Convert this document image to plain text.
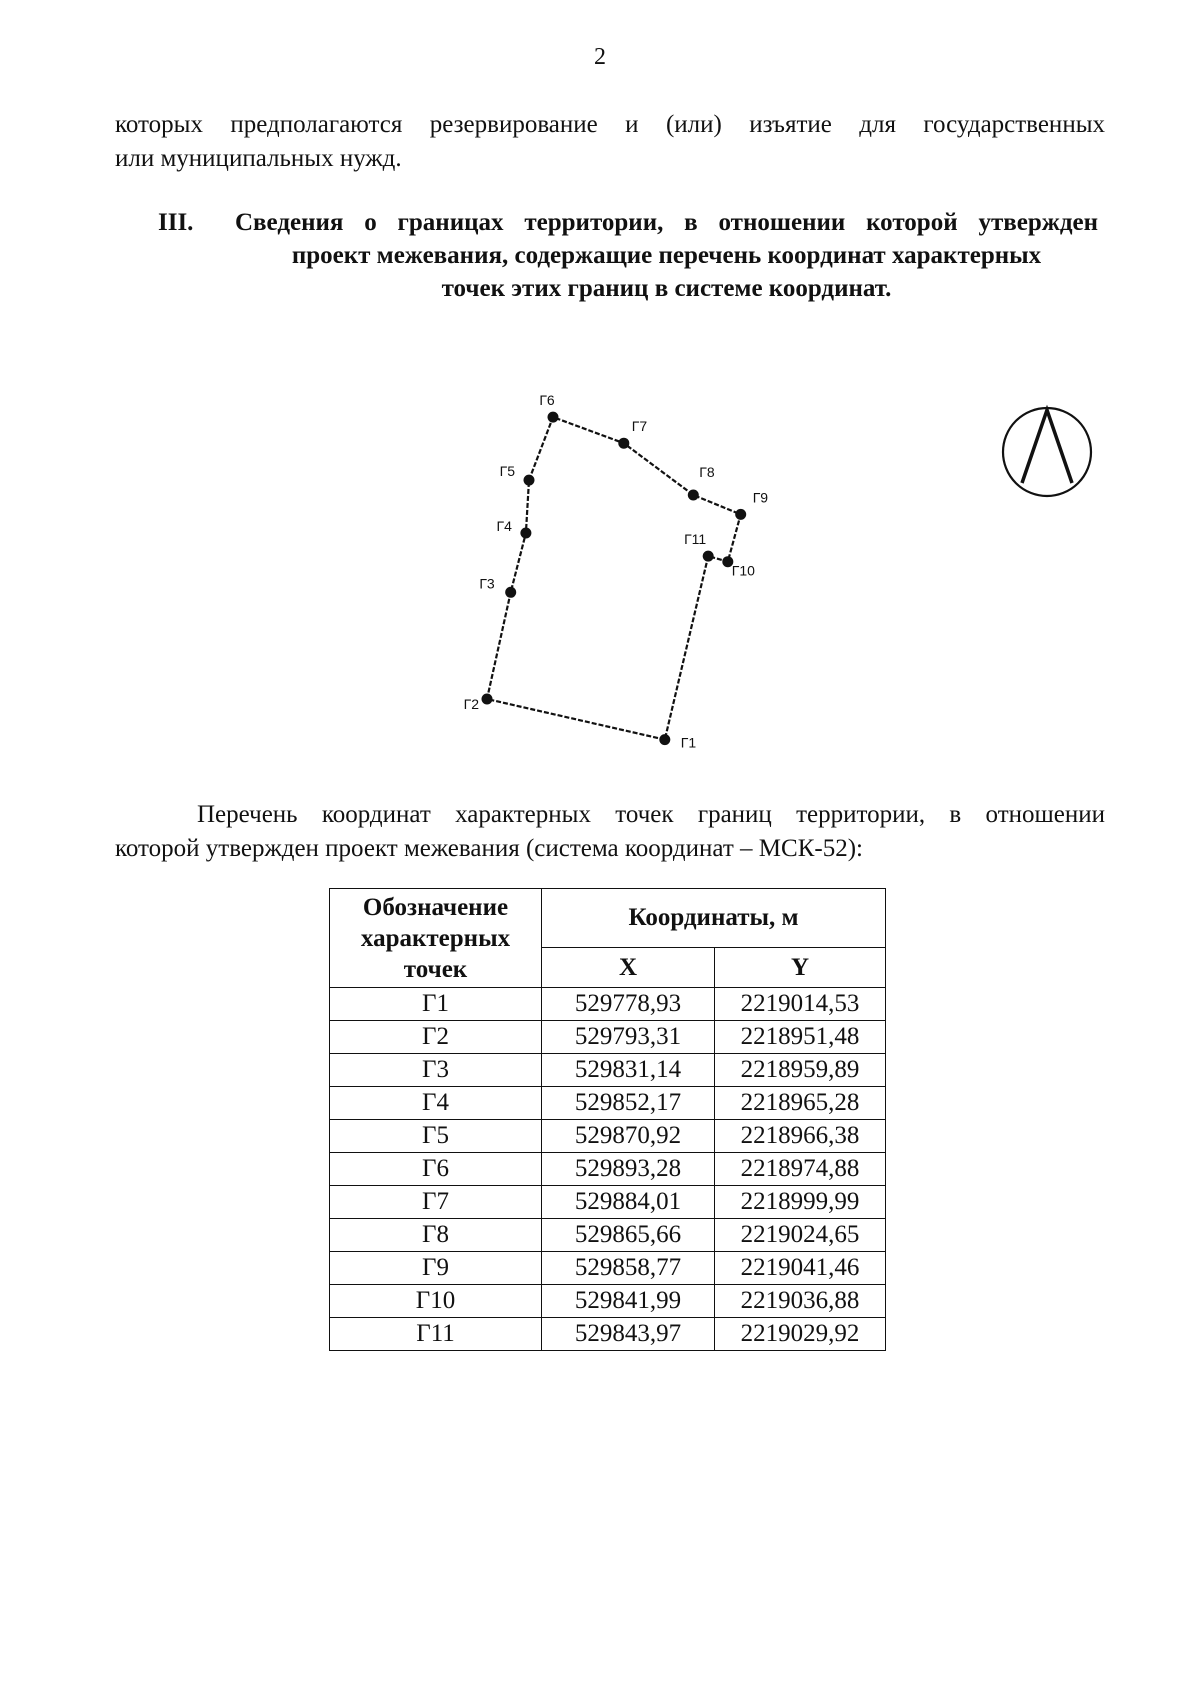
2
которых предполагаются резервирование и (или) изъятие для государственных
или муниципальных нужд.
III. Сведения о границах территории, в отношении которой утвержден
проект межевания, содержащие перечень координат характерных
точек этих границ в системе координат.
Г1
Г2
Г3
Г4
Г5
Г6
Г7
Г8
Г9
Г10
Г11
Перечень координат характерных точек границ территории, в отношении
которой утвержден проект межевания (система координат – МСК-52):
Обозначение характерных точек	Координаты, м	
	X	Y
Г1	529778,93	2219014,53
Г2	529793,31	2218951,48
Г3	529831,14	2218959,89
Г4	529852,17	2218965,28
Г5	529870,92	2218966,38
Г6	529893,28	2218974,88
Г7	529884,01	2218999,99
Г8	529865,66	2219024,65
Г9	529858,77	2219041,46
Г10	529841,99	2219036,88
Г11	529843,97	2219029,92
